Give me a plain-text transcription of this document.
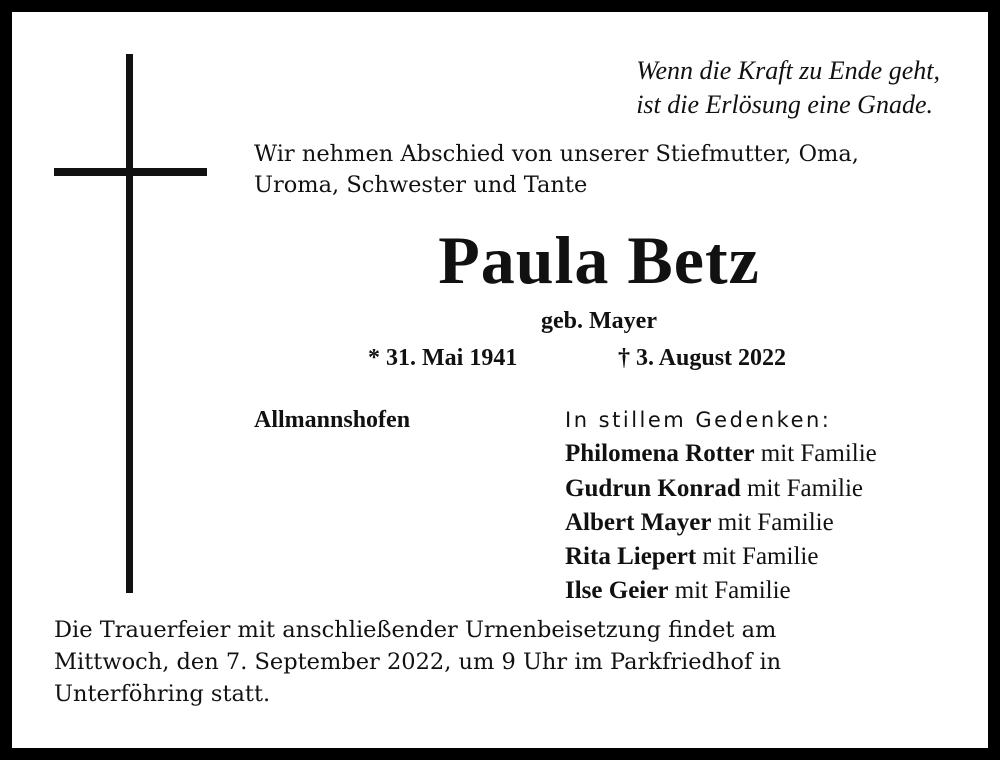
Wenn die Kraft zu Ende geht,
ist die Erlösung eine Gnade.
Wir nehmen Abschied von unserer Stiefmutter, Oma,
Uroma, Schwester und Tante
Paula Betz
geb. Mayer
* 31. Mai 1941	† 3. August 2022
Allmannshofen	In stillem Gedenken:
Philomena Rotter mit Familie
Gudrun Konrad mit Familie
Albert Mayer mit Familie
Rita Liepert mit Familie
Ilse Geier mit Familie
Die Trauerfeier mit anschließender Urnenbeisetzung findet am
Mittwoch, den 7. September 2022, um 9 Uhr im Parkfriedhof in
Unterföhring statt.
